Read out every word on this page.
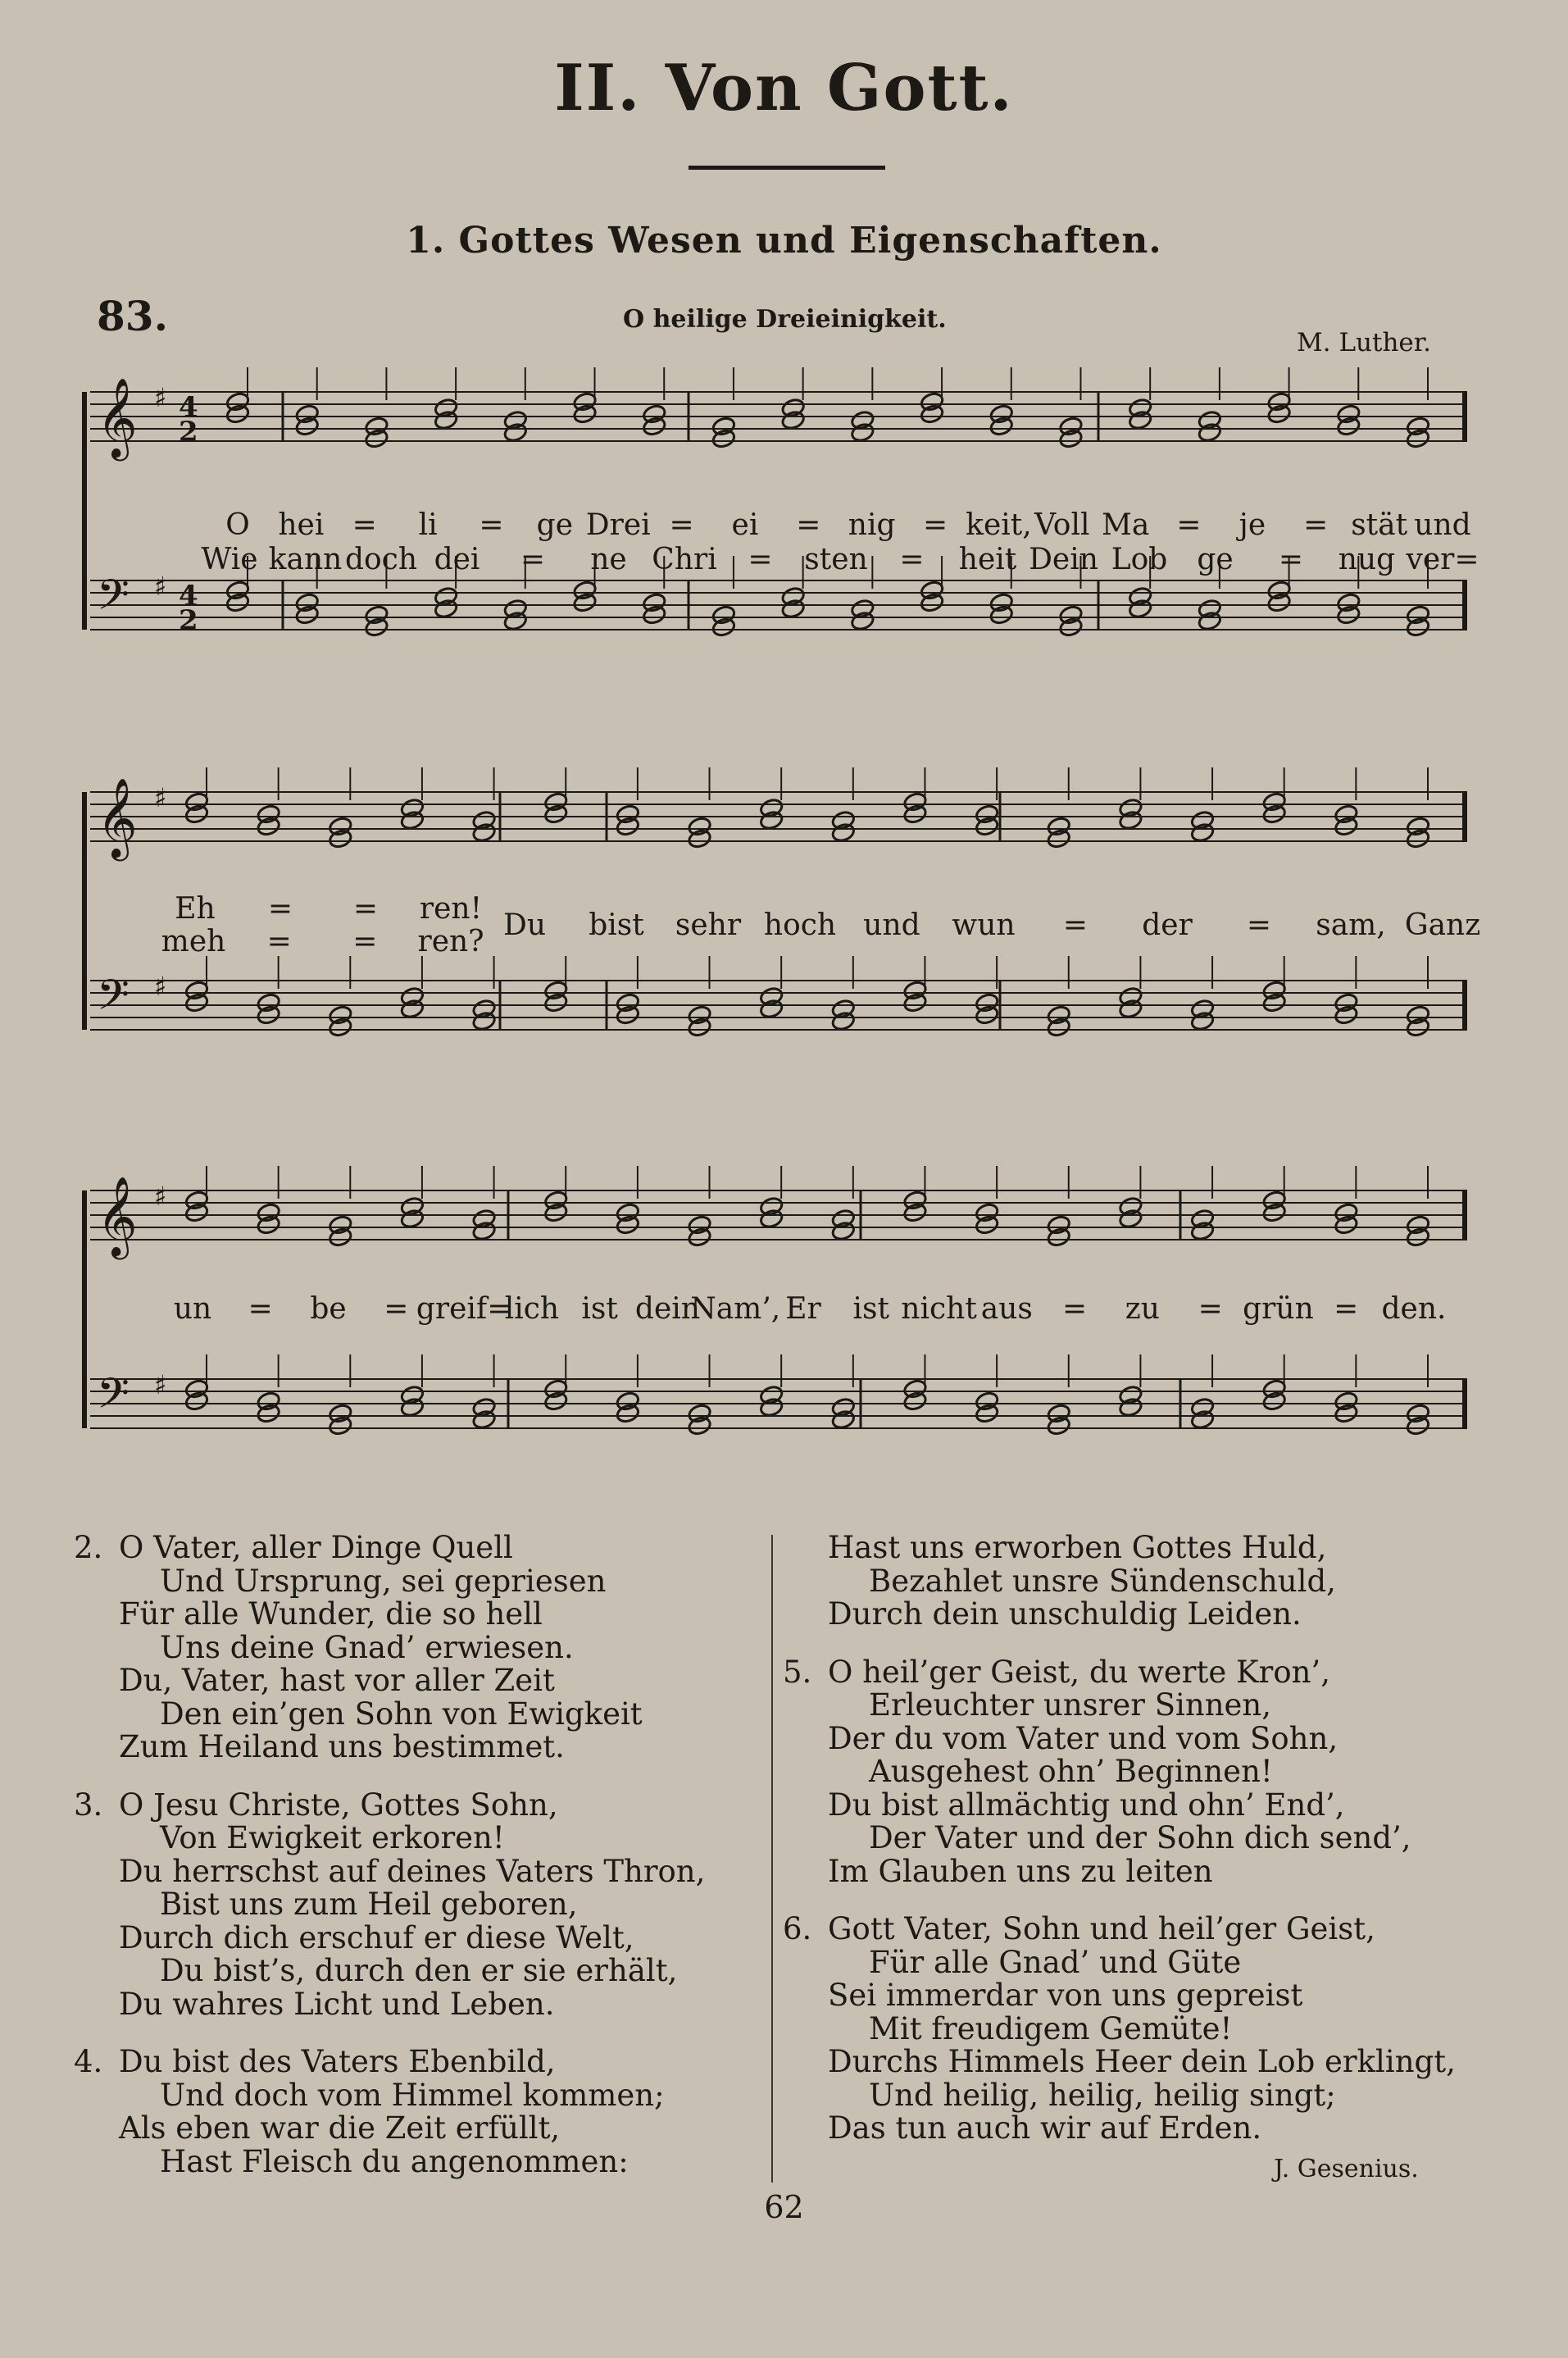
II. Von Gott.
1. Gottes Wesen und Eigenschaften.
83.	O heilige Dreieinigkeit.
M. Luther.
𝄞 ♯ 4
2
𝄢 ♯ 4
2
O hei = li = ge Drei = ei = nig = keit, Voll Ma = je = stät und
Wie kann doch dei = ne Chri = sten = heit Dein Lob ge = nug ver=
𝄞 ♯
𝄢 ♯
Eh = = ren!
meh = = ren? Du bist sehr hoch und wun = der = sam, Ganz
𝄞 ♯
𝄢 ♯
un = be = greif=
lich ist dein
Nam’, Er ist nicht aus = zu = grün = den.
2. O Vater, aller Dinge Quell
Und Ursprung, sei gepriesen
Für alle Wunder, die so hell
Uns deine Gnad’ erwiesen.
Du, Vater, hast vor aller Zeit
Den ein’gen Sohn von Ewigkeit
Zum Heiland uns bestimmet.
3. O Jesu Christe, Gottes Sohn,
Von Ewigkeit erkoren!
Du herrschst auf deines Vaters Thron,
Bist uns zum Heil geboren,
Durch dich erschuf er diese Welt,
Du bist’s, durch den er sie erhält,
Du wahres Licht und Leben.
4. Du bist des Vaters Ebenbild,
Und doch vom Himmel kommen;
Als eben war die Zeit erfüllt,
Hast Fleisch du angenommen:
Hast uns erworben Gottes Huld,
Bezahlet unsre Sündenschuld,
Durch dein unschuldig Leiden.
5. O heil’ger Geist, du werte Kron’,
Erleuchter unsrer Sinnen,
Der du vom Vater und vom Sohn,
Ausgehest ohn’ Beginnen!
Du bist allmächtig und ohn’ End’,
Der Vater und der Sohn dich send’,
Im Glauben uns zu leiten
6. Gott Vater, Sohn und heil’ger Geist,
Für alle Gnad’ und Güte
Sei immerdar von uns gepreist
Mit freudigem Gemüte!
Durchs Himmels Heer dein Lob erklingt,
Und heilig, heilig, heilig singt;
Das tun auch wir auf Erden.
J. Gesenius.
62
